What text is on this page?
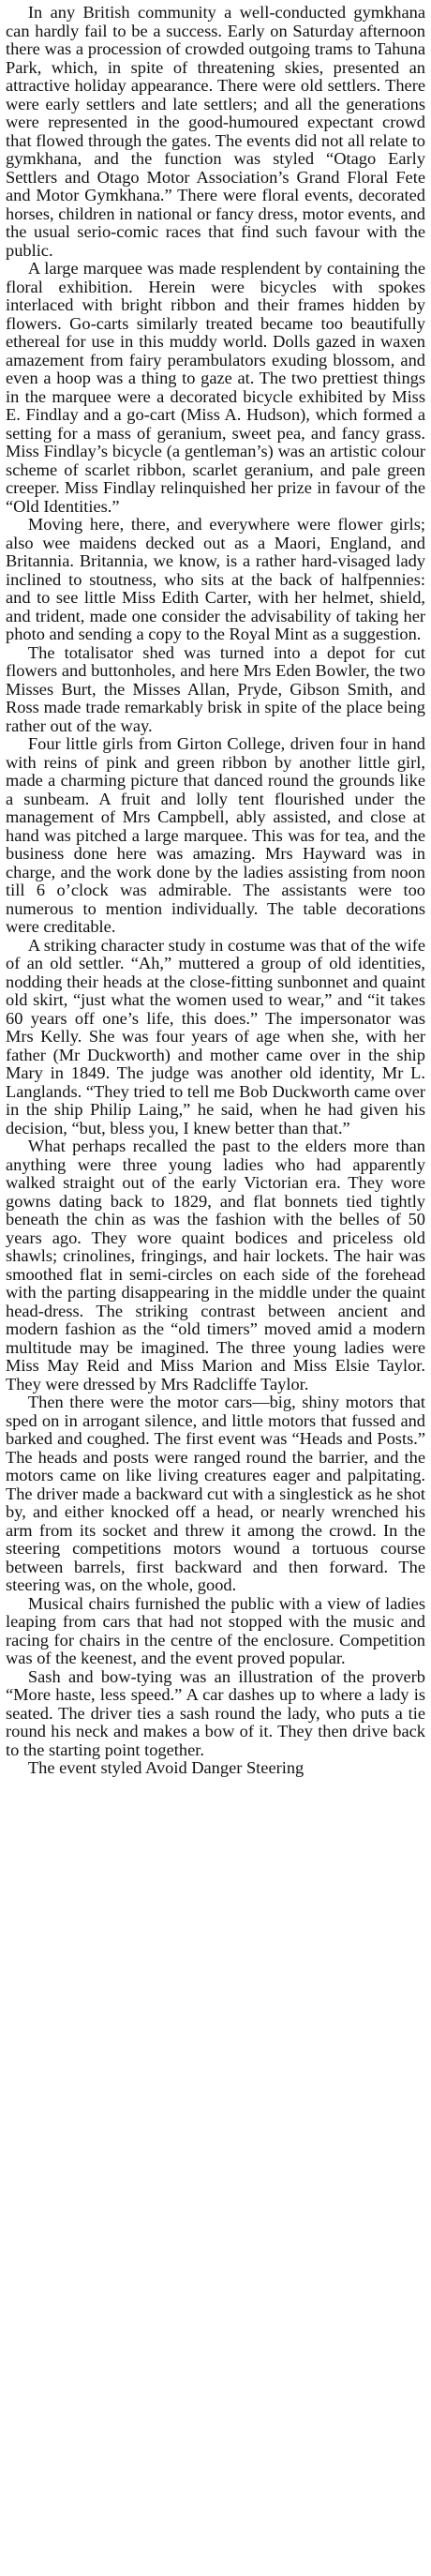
In any British community a well-conducted gymkhana can hardly fail to be a success. Early on Saturday afternoon there was a procession of crowded outgoing trams to Tahuna Park, which, in spite of threatening skies, presented an attractive holiday appearance. There were old settlers. There were early settlers and late settlers; and all the generations were represented in the good-humoured expectant crowd that flowed through the gates. The events did not all relate to gymkhana, and the function was styled “Otago Early Settlers and Otago Motor Association’s Grand Floral Fete and Motor Gymkhana.” There were floral events, decorated horses, children in national or fancy dress, motor events, and the usual serio-comic races that find such favour with the public.

A large marquee was made resplendent by containing the floral exhibition. Herein were bicycles with spokes interlaced with bright ribbon and their frames hidden by flowers. Go-carts similarly treated became too beautifully ethereal for use in this muddy world. Dolls gazed in waxen amazement from fairy perambulators exuding blossom, and even a hoop was a thing to gaze at. The two prettiest things in the marquee were a decorated bicycle exhibited by Miss E. Findlay and a go-cart (Miss A. Hudson), which formed a setting for a mass of geranium, sweet pea, and fancy grass. Miss Findlay’s bicycle (a gentleman’s) was an artistic colour scheme of scarlet ribbon, scarlet geranium, and pale green creeper. Miss Findlay relinquished her prize in favour of the “Old Identities.”

Moving here, there, and everywhere were flower girls; also wee maidens decked out as a Maori, England, and Britannia. Britannia, we know, is a rather hard-visaged lady inclined to stoutness, who sits at the back of halfpennies: and to see little Miss Edith Carter, with her helmet, shield, and trident, made one consider the advisability of taking her photo and sending a copy to the Royal Mint as a suggestion.

The totalisator shed was turned into a depot for cut flowers and buttonholes, and here Mrs Eden Bowler, the two Misses Burt, the Misses Allan, Pryde, Gibson Smith, and Ross made trade remarkably brisk in spite of the place being rather out of the way.

Four little girls from Girton College, driven four in hand with reins of pink and green ribbon by another little girl, made a charming picture that danced round the grounds like a sunbeam. A fruit and lolly tent flourished under the management of Mrs Campbell, ably assisted, and close at hand was pitched a large marquee. This was for tea, and the business done here was amazing. Mrs Hayward was in charge, and the work done by the ladies assisting from noon till 6 o’clock was admirable. The assistants were too numerous to mention individually. The table decorations were creditable.

A striking character study in costume was that of the wife of an old settler. “Ah,” muttered a group of old identities, nodding their heads at the close-fitting sunbonnet and quaint old skirt, “just what the women used to wear,” and “it takes 60 years off one’s life, this does.” The impersonator was Mrs Kelly. She was four years of age when she, with her father (Mr Duckworth) and mother came over in the ship Mary in 1849. The judge was another old identity, Mr L. Langlands. “They tried to tell me Bob Duckworth came over in the ship Philip Laing,” he said, when he had given his decision, “but, bless you, I knew better than that.”

What perhaps recalled the past to the elders more than anything were three young ladies who had apparently walked straight out of the early Victorian era. They wore gowns dating back to 1829, and flat bonnets tied tightly beneath the chin as was the fashion with the belles of 50 years ago. They wore quaint bodices and priceless old shawls; crinolines, fringings, and hair lockets. The hair was smoothed flat in semi-circles on each side of the forehead with the parting disappearing in the middle under the quaint head-dress. The striking contrast between ancient and modern fashion as the “old timers” moved amid a modern multitude may be imagined. The three young ladies were Miss May Reid and Miss Marion and Miss Elsie Taylor. They were dressed by Mrs Radcliffe Taylor.

Then there were the motor cars—big, shiny motors that sped on in arrogant silence, and little motors that fussed and barked and coughed. The first event was “Heads and Posts.” The heads and posts were ranged round the barrier, and the motors came on like living creatures eager and palpitating. The driver made a backward cut with a singlestick as he shot by, and either knocked off a head, or nearly wrenched his arm from its socket and threw it among the crowd. In the steering competitions motors wound a tortuous course between barrels, first backward and then forward. The steering was, on the whole, good.

Musical chairs furnished the public with a view of ladies leaping from cars that had not stopped with the music and racing for chairs in the centre of the enclosure. Competition was of the keenest, and the event proved popular.

Sash and bow-tying was an illustration of the proverb “More haste, less speed.” A car dashes up to where a lady is seated. The driver ties a sash round the lady, who puts a tie round his neck and makes a bow of it. They then drive back to the starting point together.

The event styled Avoid Danger Steering
